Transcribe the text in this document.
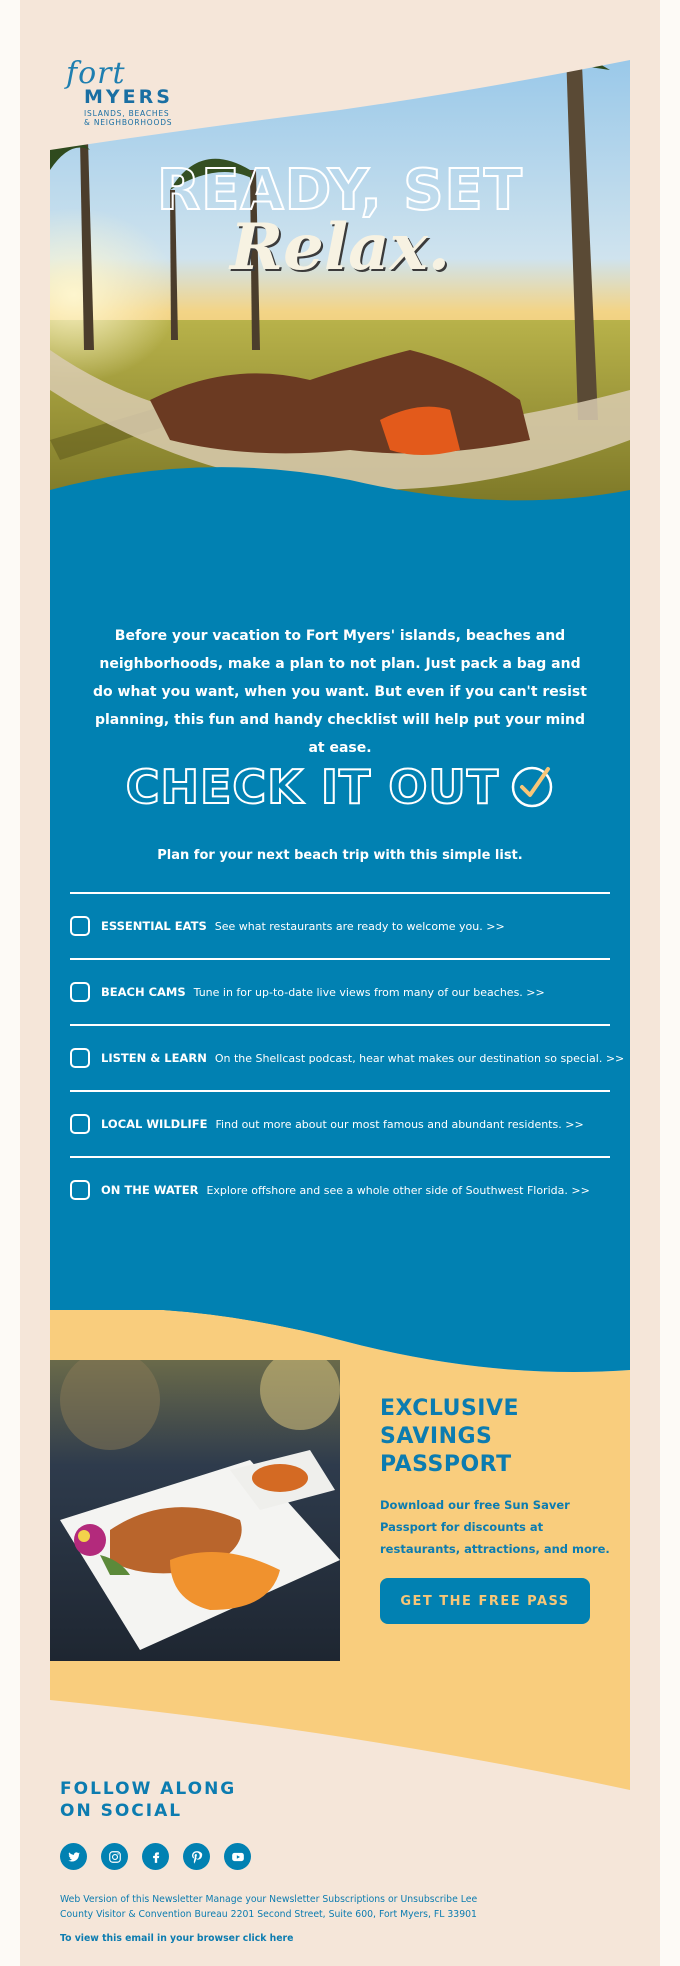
fort
MYERS
ISLANDS, BEACHES
& NEIGHBORHOODS
READY, SET
Relax.

Before your vacation to Fort Myers' islands, beaches and neighborhoods, make a plan to not plan. Just pack a bag and do what you want, when you want. But even if you can't resist planning, this fun and handy checklist will help put your mind at ease.

CHECK IT OUT
Plan for your next beach trip with this simple list.
ESSENTIAL EATS See what restaurants are ready to welcome you. >>
BEACH CAMS Tune in for up-to-date live views from many of our beaches. >>
LISTEN & LEARN On the Shellcast podcast, hear what makes our destination so special. >>
LOCAL WILDLIFE Find out more about our most famous and abundant residents. >>
ON THE WATER Explore offshore and see a whole other side of Southwest Florida. >>
EXCLUSIVE
SAVINGS
PASSPORT

Download our free Sun Saver Passport for discounts at restaurants, attractions, and more.

GET THE FREE PASS
FOLLOW ALONG
ON SOCIAL

Web Version of this Newsletter Manage your Newsletter Subscriptions or Unsubscribe Lee County Visitor & Convention Bureau 2201 Second Street, Suite 600, Fort Myers, FL 33901

To view this email in your browser click here
